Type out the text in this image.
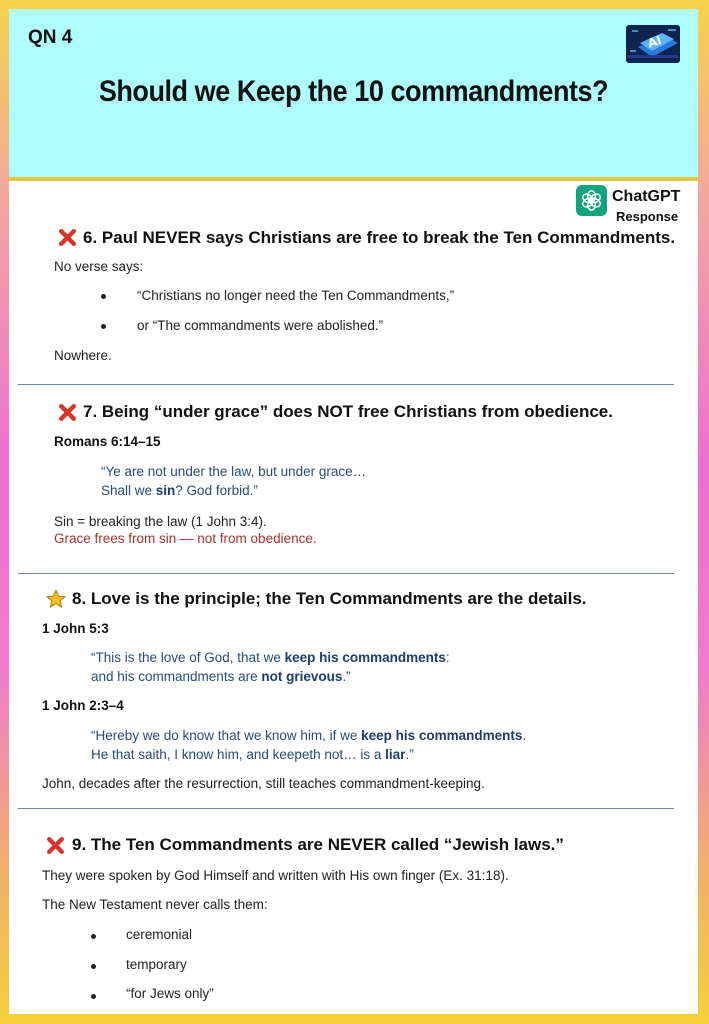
QN 4
Should we Keep the 10 commandments?
AI
ChatGPT
Response
6. Paul NEVER says Christians are free to break the Ten Commandments.
No verse says:
“Christians no longer need the Ten Commandments,”
or “The commandments were abolished.”
Nowhere.
7. Being “under grace” does NOT free Christians from obedience.
Romans 6:14–15
“Ye are not under the law, but under grace…
Shall we sin? God forbid.”
Sin = breaking the law (1 John 3:4).
Grace frees from sin — not from obedience.
8. Love is the principle; the Ten Commandments are the details.
1 John 5:3
“This is the love of God, that we keep his commandments:
and his commandments are not grievous.”
1 John 2:3–4
“Hereby we do know that we know him, if we keep his commandments.
He that saith, I know him, and keepeth not… is a liar.”
John, decades after the resurrection, still teaches commandment-keeping.
9. The Ten Commandments are NEVER called “Jewish laws.”
They were spoken by God Himself and written with His own finger (Ex. 31:18).
The New Testament never calls them:
ceremonial
temporary
“for Jews only”
